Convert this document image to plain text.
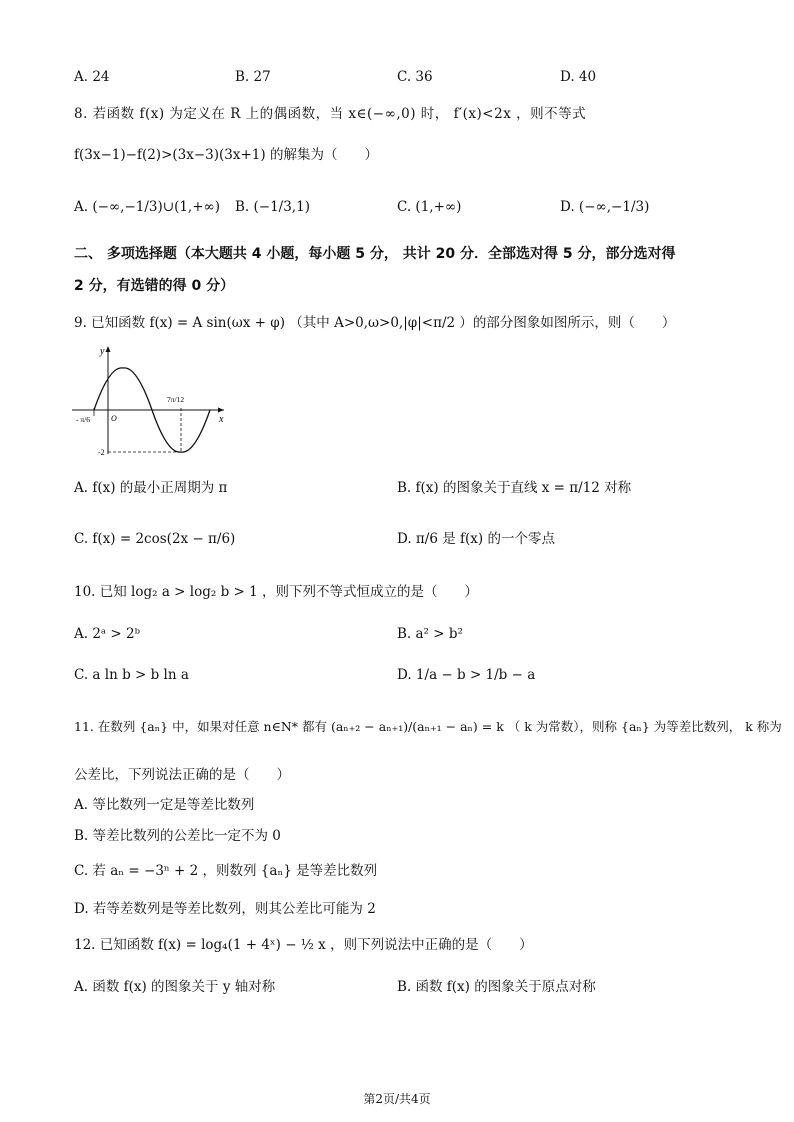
A. 24	B. 27	C. 36	D. 40
8. 若函数 f(x) 为定义在 R 上的偶函数，当 x∈(−∞,0) 时， f′(x)<2x ，则不等式
f(3x−1)−f(2)>(3x−3)(3x+1) 的解集为（　　）
A. (−∞,−1/3)∪(1,+∞) B. (−1/3,1)	C. (1,+∞)	D. (−∞,−1/3)
二、 多项选择题（本大题共 4 小题，每小题 5 分， 共计 20 分．全部选对得 5 分，部分选对得
2 分，有选错的得 0 分）
9. 已知函数 f(x) = A sin(ωx + φ) （其中 A>0,ω>0,|φ|<π/2 ）的部分图象如图所示，则（　　）
y
x
O
- π/6
7π/12
-2
A. f(x) 的最小正周期为 π	B. f(x) 的图象关于直线 x = π/12 对称
C. f(x) = 2cos(2x − π/6)	D. π/6 是 f(x) 的一个零点
10. 已知 log₂ a > log₂ b > 1 ，则下列不等式恒成立的是（　　）
A. 2ᵃ > 2ᵇ	B. a² > b²
C. a ln b > b ln a	D. 1/a − b > 1/b − a
11. 在数列 {aₙ} 中，如果对任意 n∈N* 都有 (aₙ₊₂ − aₙ₊₁)/(aₙ₊₁ − aₙ) = k （ k 为常数），则称 {aₙ} 为等差比数列， k 称为
公差比，下列说法正确的是（　　）
A. 等比数列一定是等差比数列
B. 等差比数列的公差比一定不为 0
C. 若 aₙ = −3ⁿ + 2 ，则数列 {aₙ} 是等差比数列
D. 若等差数列是等差比数列，则其公差比可能为 2
12. 已知函数 f(x) = log₄(1 + 4ˣ) − ½ x ，则下列说法中正确的是（　　）
A. 函数 f(x) 的图象关于 y 轴对称	B. 函数 f(x) 的图象关于原点对称
第2页/共4页
